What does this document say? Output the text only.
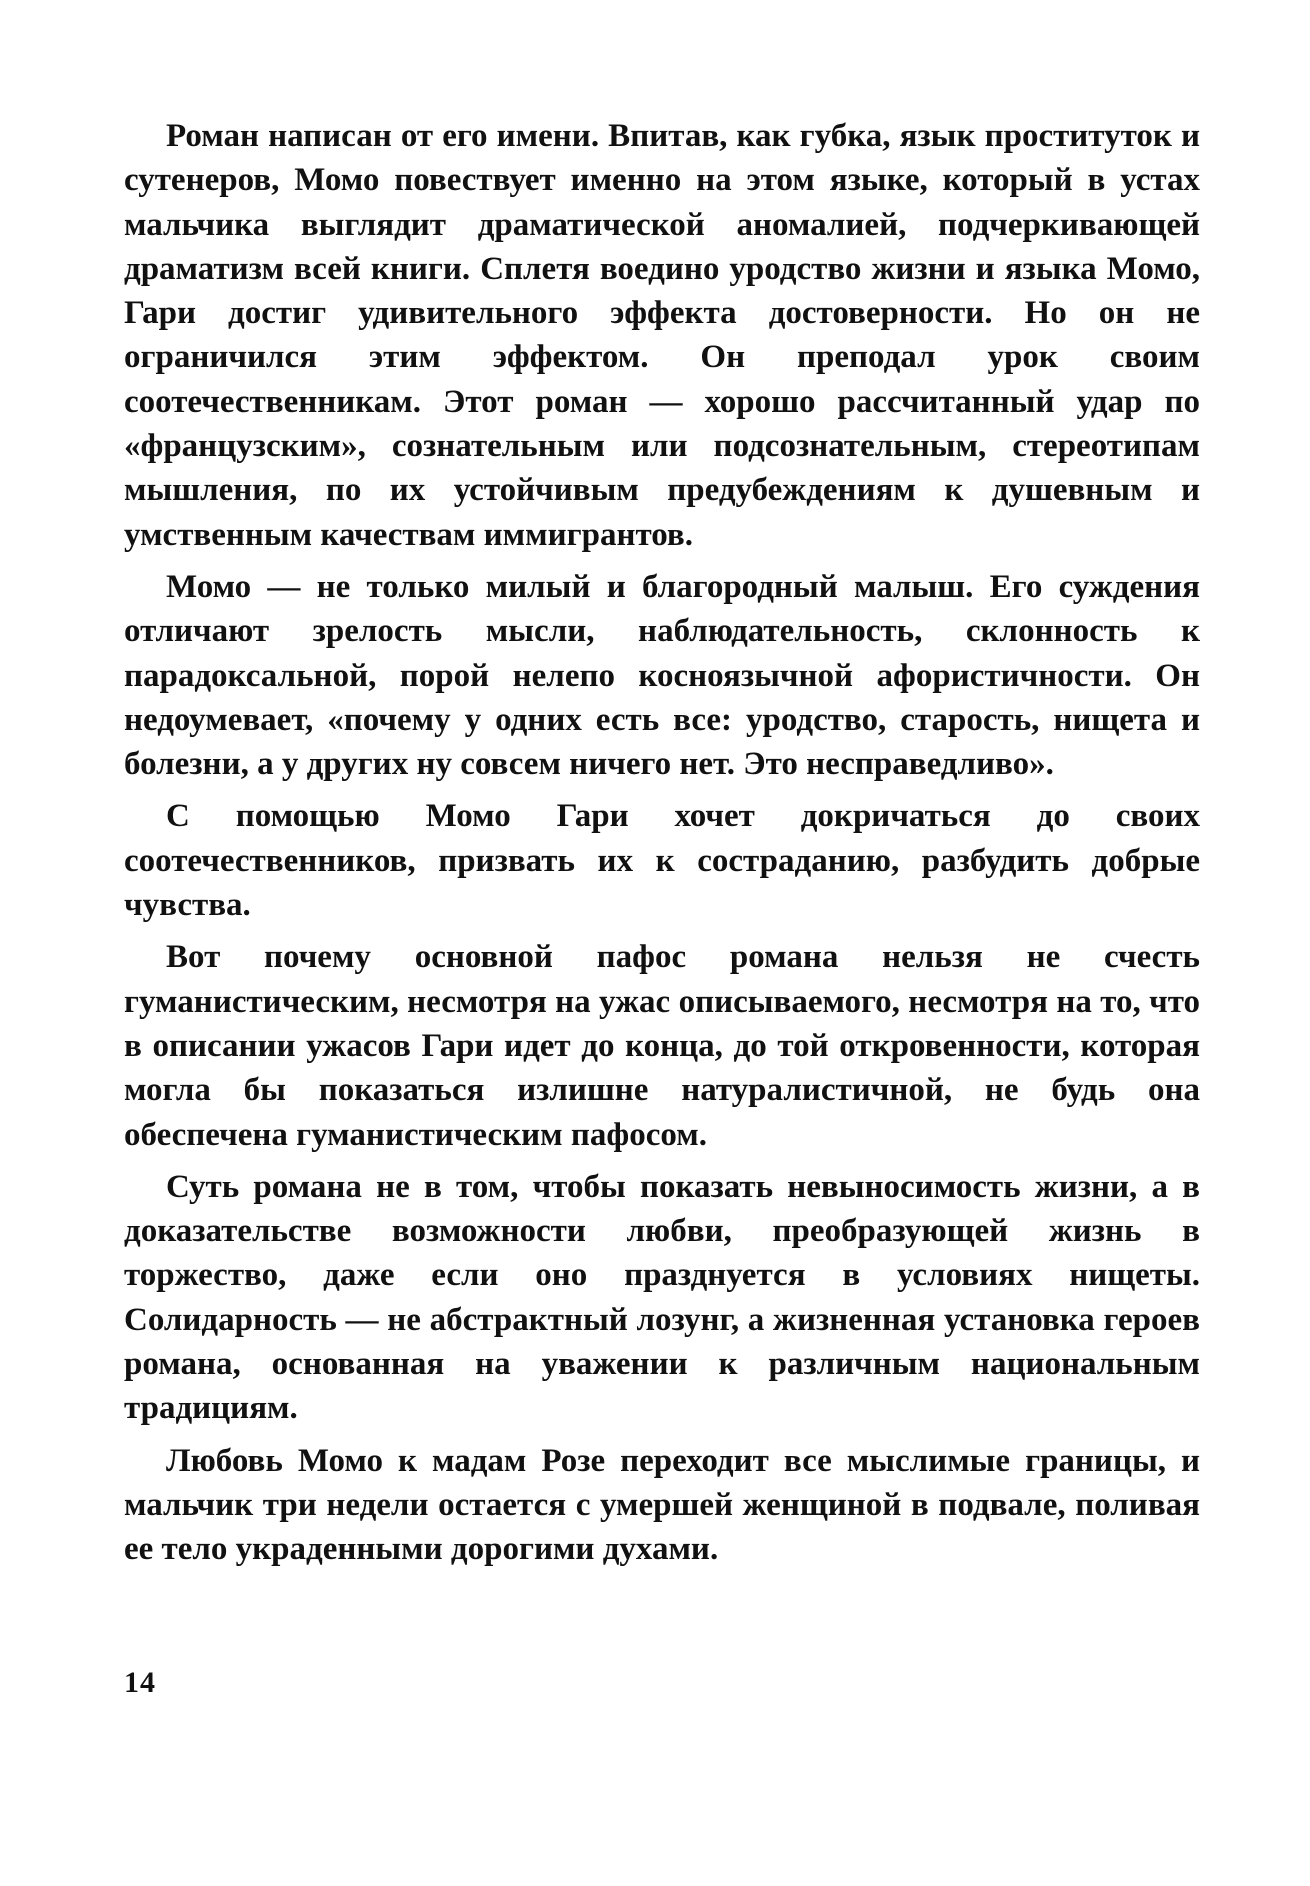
Роман написан от его имени. Впитав, как губка, язык проституток и сутенеров, Момо повествует именно на этом языке, который в устах мальчика выглядит драматической аномалией, подчеркивающей драматизм всей книги. Сплетя воедино уродство жизни и языка Момо, Гари достиг удивительного эффекта достоверности. Но он не ограничился этим эффектом. Он преподал урок своим соотечественникам. Этот роман — хорошо рассчитанный удар по «французским», сознательным или подсознательным, стереотипам мышления, по их устойчивым предубеждениям к душевным и умственным качествам иммигрантов.

Момо — не только милый и благородный малыш. Его суждения отличают зрелость мысли, наблюдательность, склонность к парадоксальной, порой нелепо косноязычной афористичности. Он недоумевает, «почему у одних есть все: уродство, старость, нищета и болезни, а у других ну совсем ничего нет. Это несправедливо».

С помощью Момо Гари хочет докричаться до своих соотечественников, призвать их к состраданию, разбудить добрые чувства.

Вот почему основной пафос романа нельзя не счесть гуманистическим, несмотря на ужас описываемого, несмотря на то, что в описании ужасов Гари идет до конца, до той откровенности, которая могла бы показаться излишне натуралистичной, не будь она обеспечена гуманистическим пафосом.

Суть романа не в том, чтобы показать невыносимость жизни, а в доказательстве возможности любви, преобразующей жизнь в торжество, даже если оно празднуется в условиях нищеты. Солидарность — не абстрактный лозунг, а жизненная установка героев романа, основанная на уважении к различным национальным традициям.

Любовь Момо к мадам Розе переходит все мыслимые границы, и мальчик три недели остается с умершей женщиной в подвале, поливая ее тело украденными дорогими духами.

14
